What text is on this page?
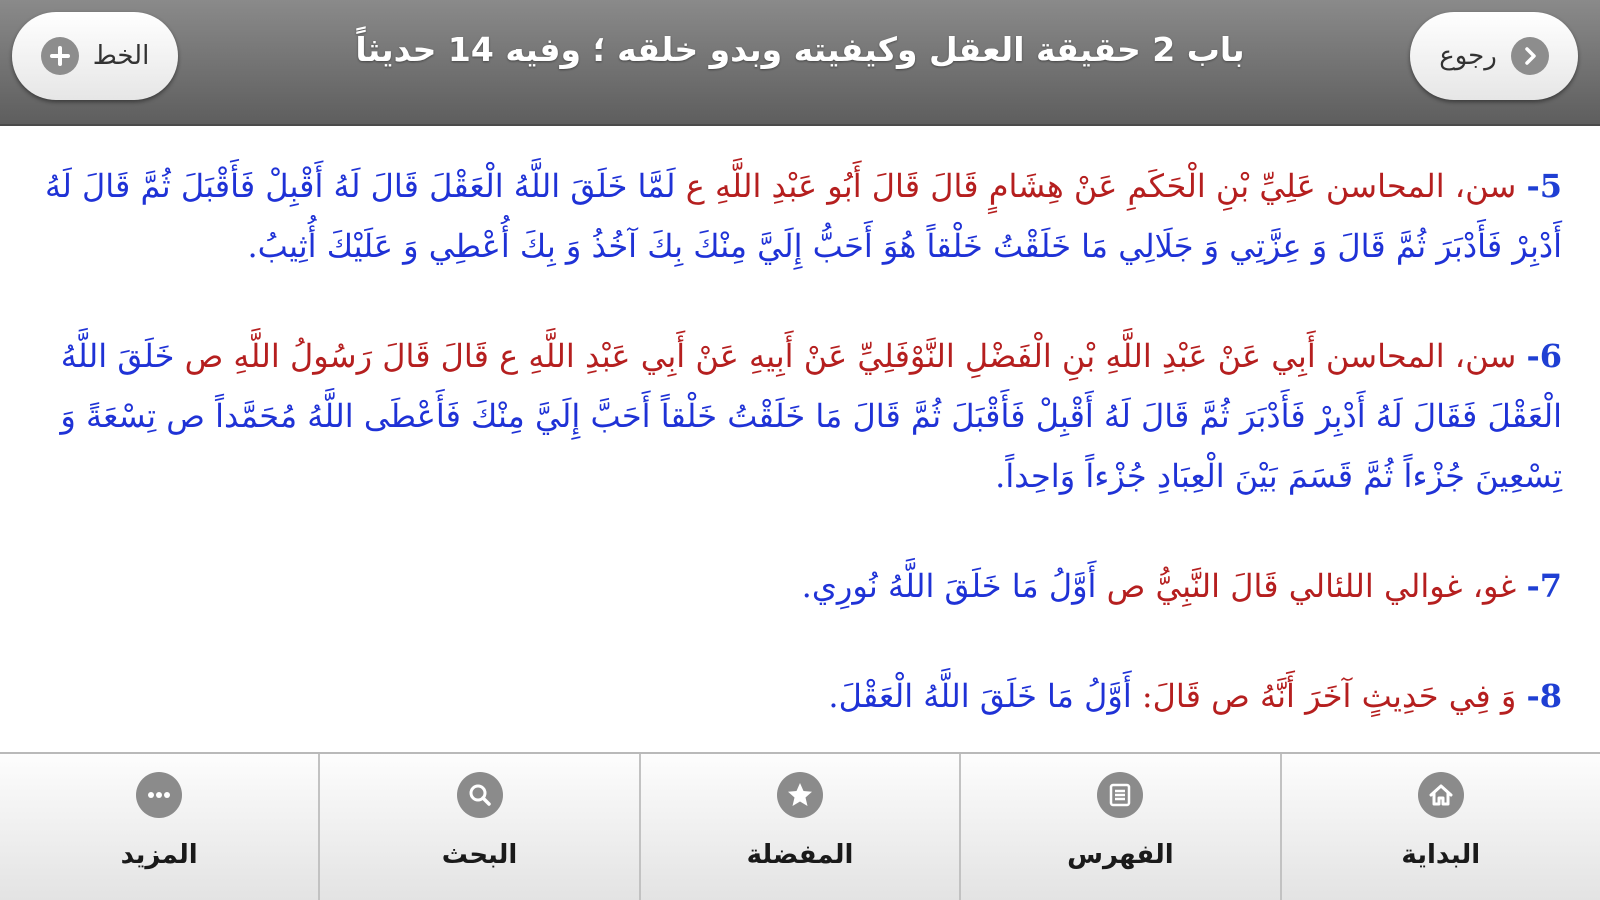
رجوع
باب 2 حقيقة العقل وكيفيته وبدو خلقه ؛ وفيه 14 حديثاً
الخط

5- سن، المحاسن عَلِيِّ بْنِ الْحَكَمِ عَنْ هِشَامٍ قَالَ قَالَ أَبُو عَبْدِ اللَّهِ ع لَمَّا خَلَقَ اللَّهُ الْعَقْلَ قَالَ لَهُ أَقْبِلْ فَأَقْبَلَ ثُمَّ قَالَ لَهُ أَدْبِرْ فَأَدْبَرَ ثُمَّ قَالَ وَ عِزَّتِي وَ جَلَالِي مَا خَلَقْتُ خَلْقاً هُوَ أَحَبُّ إِلَيَّ مِنْكَ بِكَ آخُذُ وَ بِكَ أُعْطِي وَ عَلَيْكَ أُثِيبُ.

6- سن، المحاسن أَبِي عَنْ عَبْدِ اللَّهِ بْنِ الْفَضْلِ النَّوْفَلِيِّ عَنْ أَبِيهِ عَنْ أَبِي عَبْدِ اللَّهِ ع قَالَ قَالَ رَسُولُ اللَّهِ ص خَلَقَ اللَّهُ الْعَقْلَ فَقَالَ لَهُ أَدْبِرْ فَأَدْبَرَ ثُمَّ قَالَ لَهُ أَقْبِلْ فَأَقْبَلَ ثُمَّ قَالَ مَا خَلَقْتُ خَلْقاً أَحَبَّ إِلَيَّ مِنْكَ فَأَعْطَى اللَّهُ مُحَمَّداً ص تِسْعَةً وَ تِسْعِينَ جُزْءاً ثُمَّ قَسَمَ بَيْنَ الْعِبَادِ جُزْءاً وَاحِداً.

7- غو، غوالي اللئالي قَالَ النَّبِيُّ ص أَوَّلُ مَا خَلَقَ اللَّهُ نُورِي.

8- وَ فِي حَدِيثٍ آخَرَ أَنَّهُ ص قَالَ: أَوَّلُ مَا خَلَقَ اللَّهُ الْعَقْلَ.

البداية
الفهرس
المفضلة
البحث
المزيد
